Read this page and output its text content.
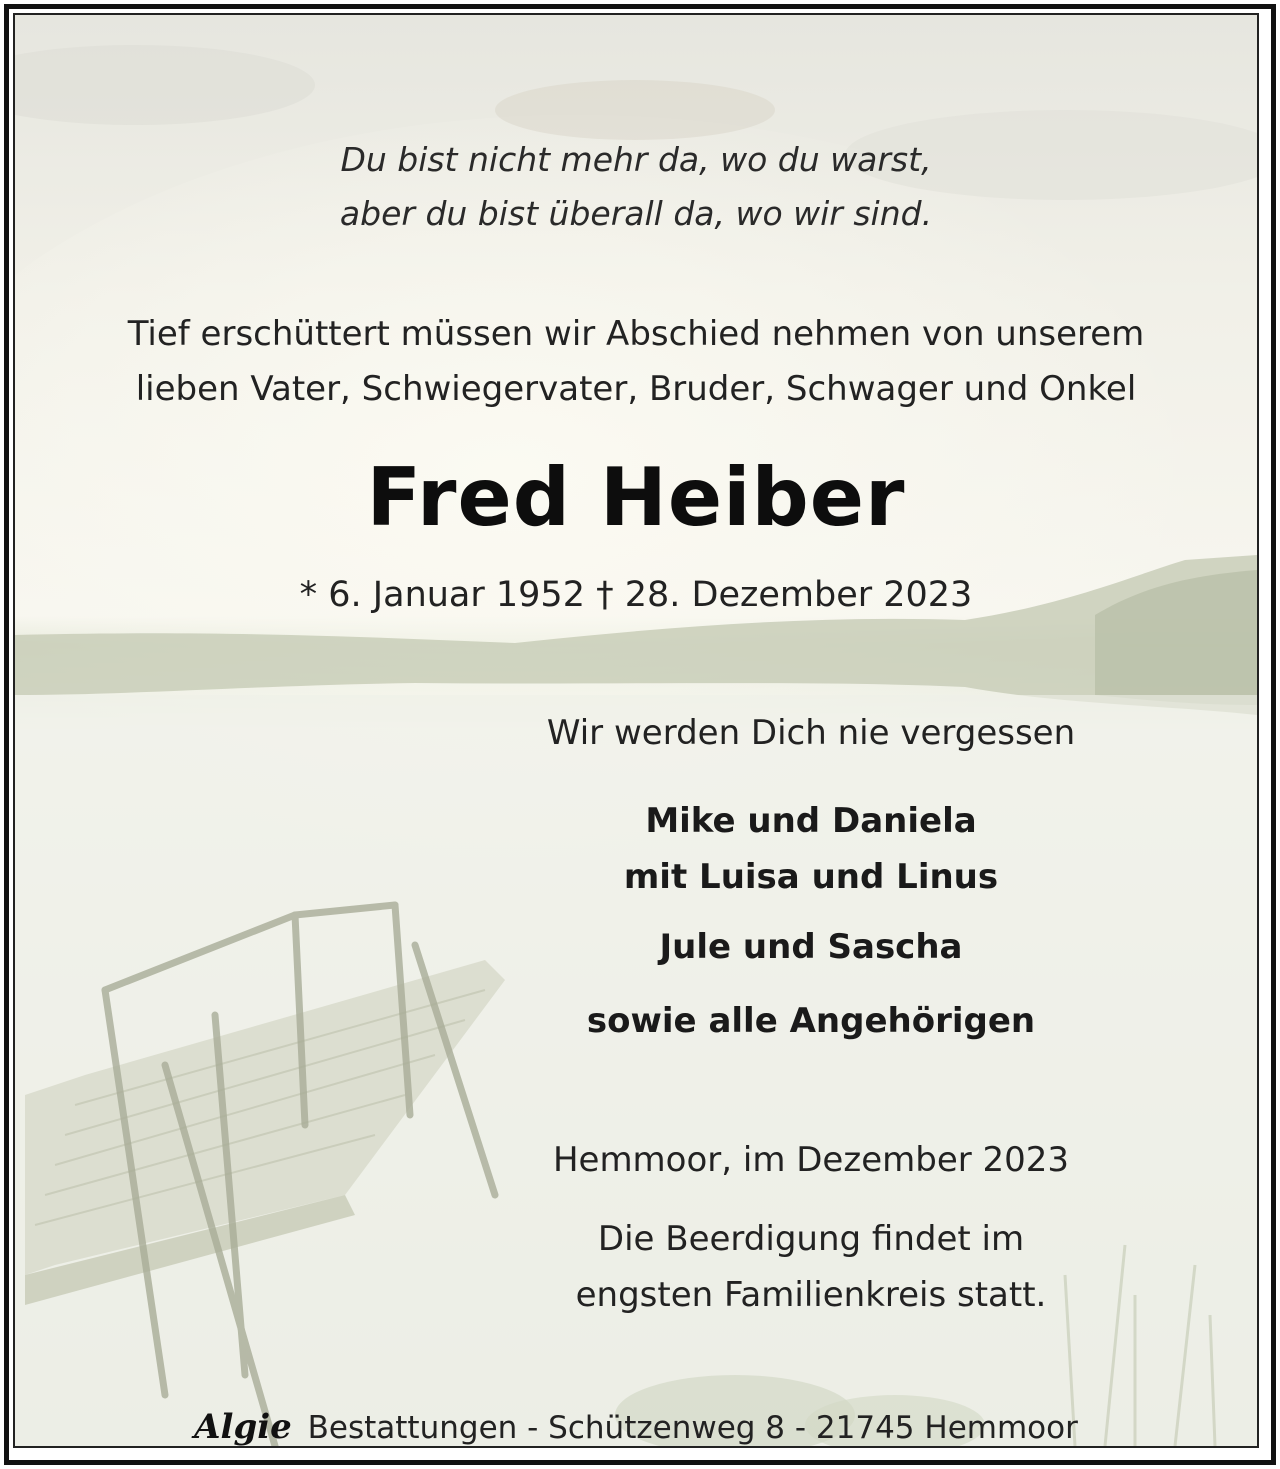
Du bist nicht mehr da, wo du warst,
aber du bist überall da, wo wir sind.
Tief erschüttert müssen wir Abschied nehmen von unserem
lieben Vater, Schwiegervater, Bruder, Schwager und Onkel
Fred Heiber
* 6. Januar 1952 † 28. Dezember 2023
Wir werden Dich nie vergessen
Mike und Daniela
mit Luisa und Linus
Jule und Sascha
sowie alle Angehörigen
Hemmoor, im Dezember 2023
Die Beerdigung findet im
engsten Familienkreis statt.
Algie Bestattungen - Schützenweg 8 - 21745 Hemmoor
